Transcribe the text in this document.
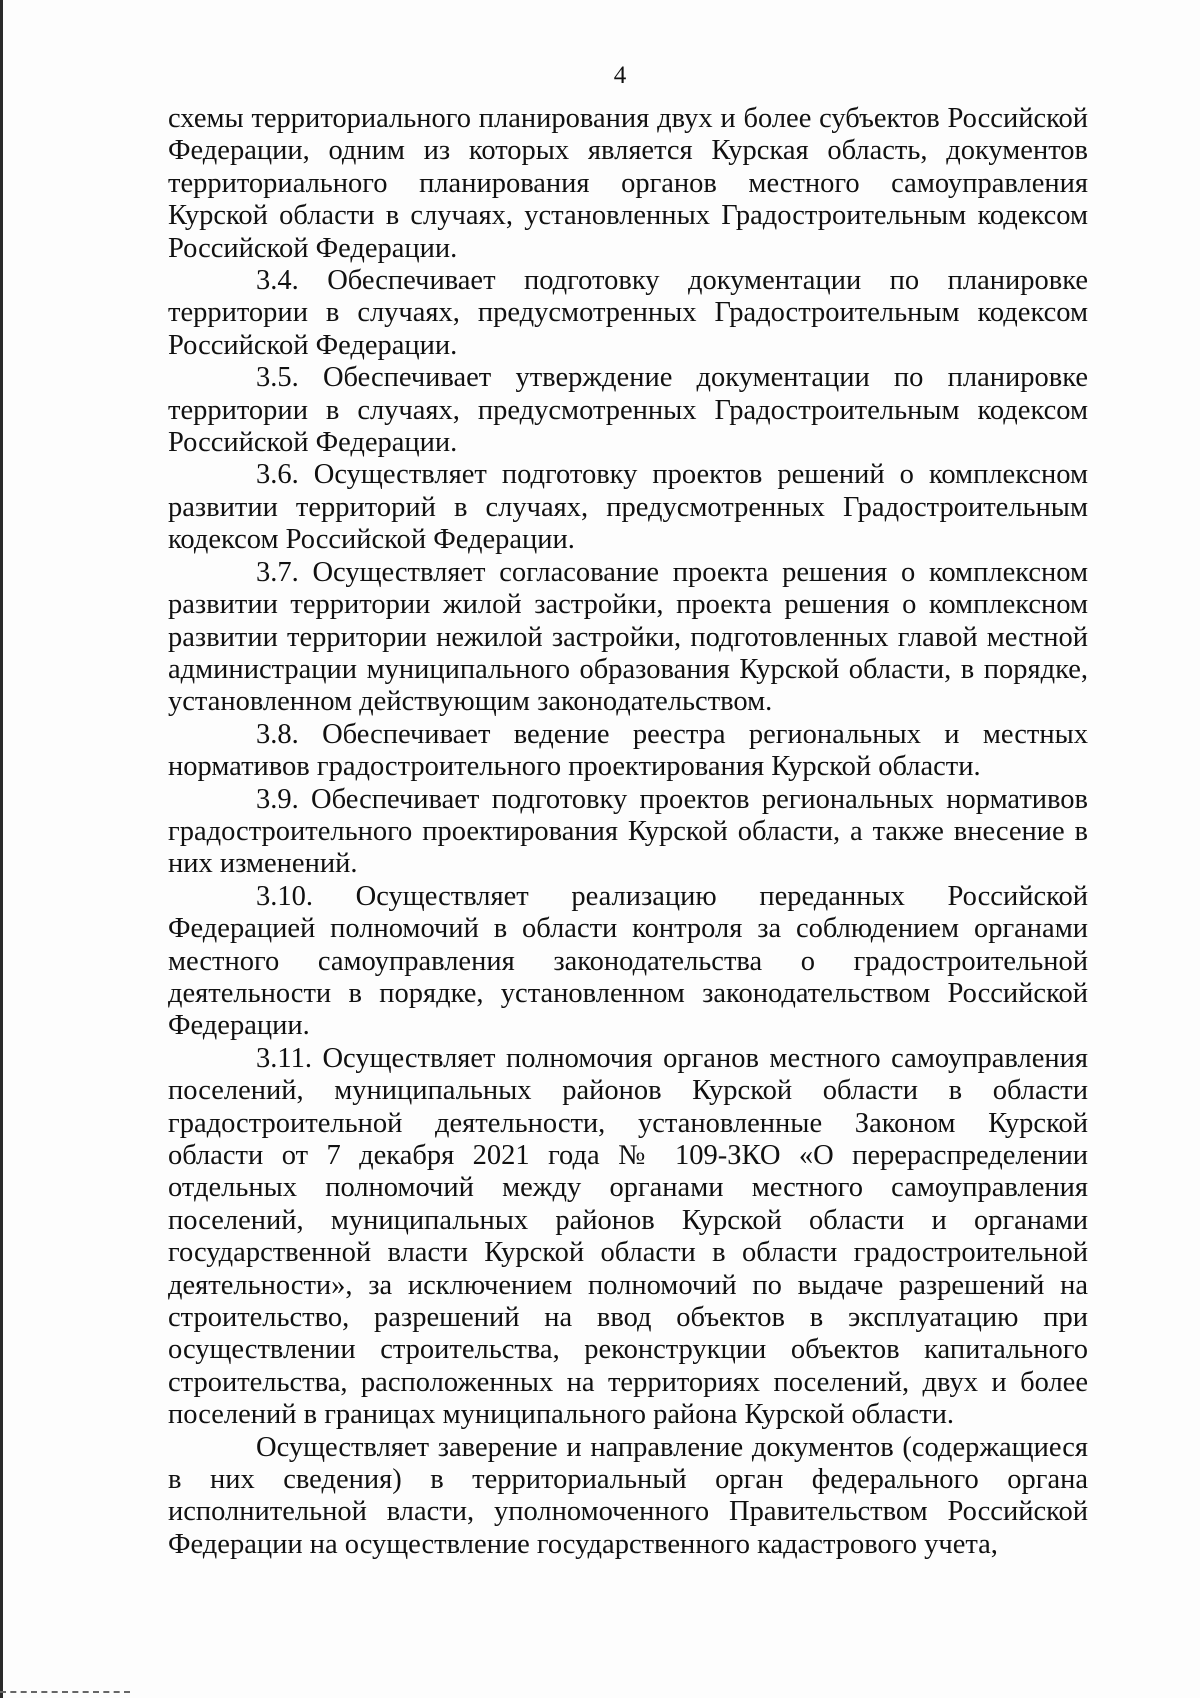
4

схемы территориального планирования двух и более субъектов Российской Федерации, одним из которых является Курская область, документов территориального планирования органов местного самоуправления Курской области в случаях, установленных Градостроительным кодексом Российской Федерации.

3.4. Обеспечивает подготовку документации по планировке территории в случаях, предусмотренных Градостроительным кодексом Российской Федерации.

3.5. Обеспечивает утверждение документации по планировке территории в случаях, предусмотренных Градостроительным кодексом Российской Федерации.

3.6. Осуществляет подготовку проектов решений о комплексном развитии территорий в случаях, предусмотренных Градостроительным кодексом Российской Федерации.

3.7. Осуществляет согласование проекта решения о комплексном развитии территории жилой застройки, проекта решения о комплексном развитии территории нежилой застройки, подготовленных главой местной администрации муниципального образования Курской области, в порядке, установленном действующим законодательством.

3.8. Обеспечивает ведение реестра региональных и местных нормативов градостроительного проектирования Курской области.

3.9. Обеспечивает подготовку проектов региональных нормативов градостроительного проектирования Курской области, а также внесение в них изменений.

3.10. Осуществляет реализацию переданных Российской Федерацией полномочий в области контроля за соблюдением органами местного самоуправления законодательства о градостроительной деятельности в порядке, установленном законодательством Российской Федерации.

3.11. Осуществляет полномочия органов местного самоуправления поселений, муниципальных районов Курской области в области градостроительной деятельности, установленные Законом Курской области от 7 декабря 2021 года № 109-ЗКО «О перераспределении отдельных полномочий между органами местного самоуправления поселений, муниципальных районов Курской области и органами государственной власти Курской области в области градостроительной деятельности», за исключением полномочий по выдаче разрешений на строительство, разрешений на ввод объектов в эксплуатацию при осуществлении строительства, реконструкции объектов капитального строительства, расположенных на территориях поселений, двух и более поселений в границах муниципального района Курской области.

Осуществляет заверение и направление документов (содержащиеся в них сведения) в территориальный орган федерального органа исполнительной власти, уполномоченного Правительством Российской Федерации на осуществление государственного кадастрового учета,
